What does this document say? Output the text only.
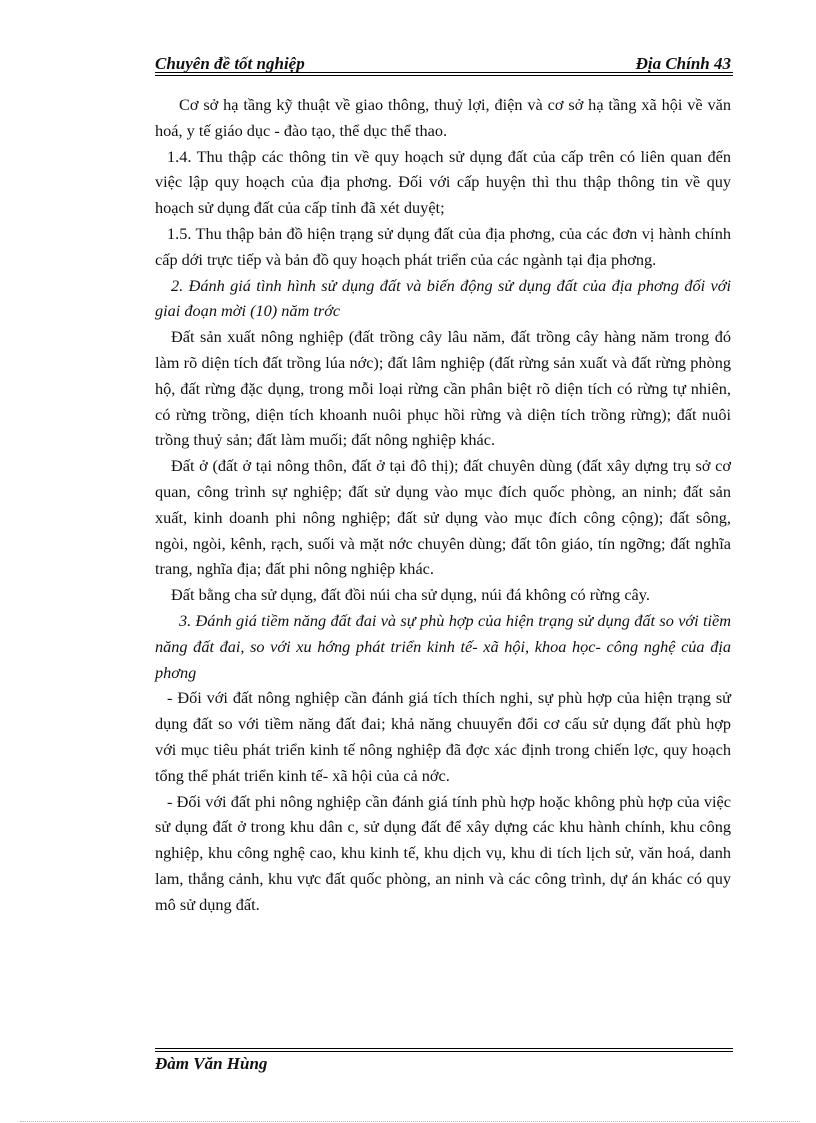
Chuyên đề tốt nghiệp	Địa Chính 43

Cơ sở hạ tầng kỹ thuật về giao thông, thuỷ lợi, điện và cơ sở hạ tầng xã hội về văn hoá, y tế giáo dục - đào tạo, thể dục thể thao.

1.4. Thu thập các thông tin về quy hoạch sử dụng đất của cấp trên có liên quan đến việc lập quy hoạch của địa phơng. Đối với cấp huyện thì thu thập thông tin về quy hoạch sử dụng đất của cấp tỉnh đã xét duyệt;

1.5. Thu thập bản đồ hiện trạng sử dụng đất của địa phơng, của các đơn vị hành chính cấp dới trực tiếp và bản đồ quy hoạch phát triển của các ngành tại địa phơng.

2. Đánh giá tình hình sử dụng đất và biến động sử dụng đất của địa phơng đối với giai đoạn mời (10) năm trớc

Đất sản xuất nông nghiệp (đất trồng cây lâu năm, đất trồng cây hàng năm trong đó làm rõ diện tích đất trồng lúa nớc); đất lâm nghiệp (đất rừng sản xuất và đất rừng phòng hộ, đất rừng đặc dụng, trong mỗi loại rừng cần phân biệt rõ diện tích có rừng tự nhiên, có rừng trồng, diện tích khoanh nuôi phục hồi rừng và diện tích trồng rừng); đất nuôi trồng thuỷ sản; đất làm muối; đất nông nghiệp khác.

Đất ở (đất ở tại nông thôn, đất ở tại đô thị); đất chuyên dùng (đất xây dựng trụ sở cơ quan, công trình sự nghiệp; đất sử dụng vào mục đích quốc phòng, an ninh; đất sản xuất, kinh doanh phi nông nghiệp; đất sử dụng vào mục đích công cộng); đất sông, ngòi, ngòi, kênh, rạch, suối và mặt nớc chuyên dùng; đất tôn giáo, tín ngỡng; đất nghĩa trang, nghĩa địa; đất phi nông nghiệp khác.

Đất bằng cha sử dụng, đất đồi núi cha sử dụng, núi đá không có rừng cây.

3. Đánh giá tiềm năng đất đai và sự phù hợp của hiện trạng sử dụng đất so với tiềm năng đất đai, so với xu hớng phát triển kinh tế- xã hội, khoa học- công nghệ của địa phơng

- Đối với đất nông nghiệp cần đánh giá tích thích nghi, sự phù hợp của hiện trạng sử dụng đất so với tiềm năng đất đai; khả năng chuuyển đổi cơ cấu sử dụng đất phù hợp với mục tiêu phát triển kinh tế nông nghiệp đã đợc xác định trong chiến lợc, quy hoạch tổng thể phát triển kinh tế- xã hội của cả nớc.

- Đối với đất phi nông nghiệp cần đánh giá tính phù hợp hoặc không phù hợp của việc sử dụng đất ở trong khu dân c, sử dụng đất để xây dựng các khu hành chính, khu công nghiệp, khu công nghệ cao, khu kinh tế, khu dịch vụ, khu di tích lịch sử, văn hoá, danh lam, thắng cảnh, khu vực đất quốc phòng, an ninh và các công trình, dự án khác có quy mô sử dụng đất.

Đàm Văn Hùng
